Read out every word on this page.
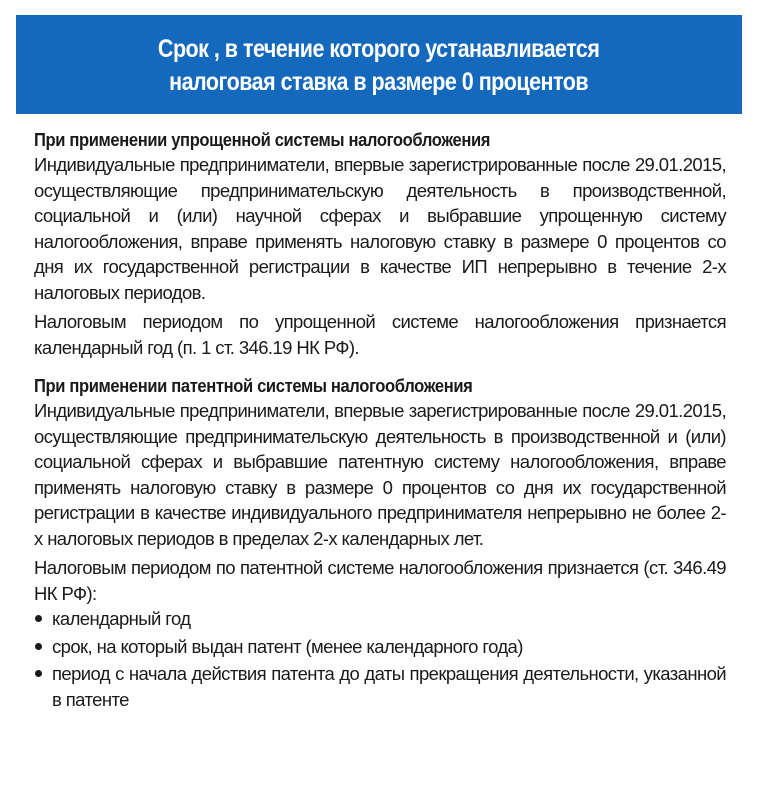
Срок , в течение которого устанавливается
налоговая ставка в размере 0 процентов
При применении упрощенной системы налогообложения

Индивидуальные предприниматели, впервые зарегистрированные после 29.01.2015, осуществляющие предпринимательскую деятельность в производственной, социальной и (или) научной сферах и выбравшие упрощенную систему налогообложения, вправе применять налоговую ставку в размере 0 процентов со дня их государственной регистрации в качестве ИП непрерывно в течение 2-х налоговых периодов.

Налоговым периодом по упрощенной системе налогообложения признается календарный год (п. 1 ст. 346.19 НК РФ).

При применении патентной системы налогообложения

Индивидуальные предприниматели, впервые зарегистрированные после 29.01.2015, осуществляющие предпринимательскую деятельность в производственной и (или) социальной сферах и выбравшие патентную систему налогообложения, вправе применять налоговую ставку в размере 0 процентов со дня их государственной регистрации в качестве индивидуального предпринимателя непрерывно не более 2-х налоговых периодов в пределах 2-х календарных лет.

Налоговым периодом по патентной системе налогообложения признается (ст. 346.49 НК РФ):

календарный год
срок, на который выдан патент (менее календарного года)
период с начала действия патента до даты прекращения деятельности, указанной в патенте
